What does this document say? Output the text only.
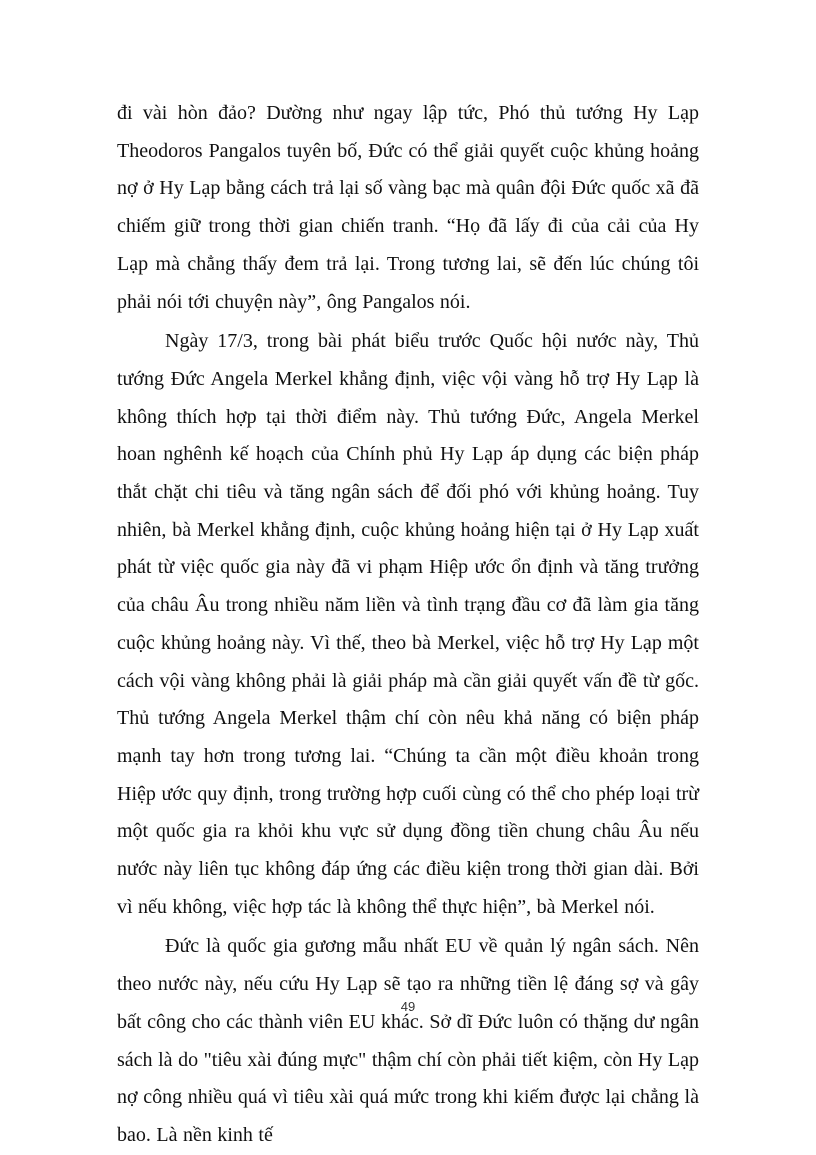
đi vài hòn đảo? Dường như ngay lập tức, Phó thủ tướng Hy Lạp Theodoros Pangalos tuyên bố, Đức có thể giải quyết cuộc khủng hoảng nợ ở Hy Lạp bằng cách trả lại số vàng bạc mà quân đội Đức quốc xã đã chiếm giữ trong thời gian chiến tranh. “Họ đã lấy đi của cải của Hy Lạp mà chẳng thấy đem trả lại. Trong tương lai, sẽ đến lúc chúng tôi phải nói tới chuyện này”, ông Pangalos nói.

Ngày 17/3, trong bài phát biểu trước Quốc hội nước này, Thủ tướng Đức Angela Merkel khẳng định, việc vội vàng hỗ trợ Hy Lạp là không thích hợp tại thời điểm này. Thủ tướng Đức, Angela Merkel hoan nghênh kế hoạch của Chính phủ Hy Lạp áp dụng các biện pháp thắt chặt chi tiêu và tăng ngân sách để đối phó với khủng hoảng. Tuy nhiên, bà Merkel khẳng định, cuộc khủng hoảng hiện tại ở Hy Lạp xuất phát từ việc quốc gia này đã vi phạm Hiệp ước ổn định và tăng trưởng của châu Âu trong nhiều năm liền và tình trạng đầu cơ đã làm gia tăng cuộc khủng hoảng này. Vì thế, theo bà Merkel, việc hỗ trợ Hy Lạp một cách vội vàng không phải là giải pháp mà cần giải quyết vấn đề từ gốc. Thủ tướng Angela Merkel thậm chí còn nêu khả năng có biện pháp mạnh tay hơn trong tương lai. “Chúng ta cần một điều khoản trong Hiệp ước quy định, trong trường hợp cuối cùng có thể cho phép loại trừ một quốc gia ra khỏi khu vực sử dụng đồng tiền chung châu Âu nếu nước này liên tục không đáp ứng các điều kiện trong thời gian dài. Bởi vì nếu không, việc hợp tác là không thể thực hiện”, bà Merkel nói.

Đức là quốc gia gương mẫu nhất EU về quản lý ngân sách. Nên theo nước này, nếu cứu Hy Lạp sẽ tạo ra những tiền lệ đáng sợ và gây bất công cho các thành viên EU khác. Sở dĩ Đức luôn có thặng dư ngân sách là do "tiêu xài đúng mực" thậm chí còn phải tiết kiệm, còn Hy Lạp nợ công nhiều quá vì tiêu xài quá mức trong khi kiếm được lại chẳng là bao. Là nền kinh tế

49
